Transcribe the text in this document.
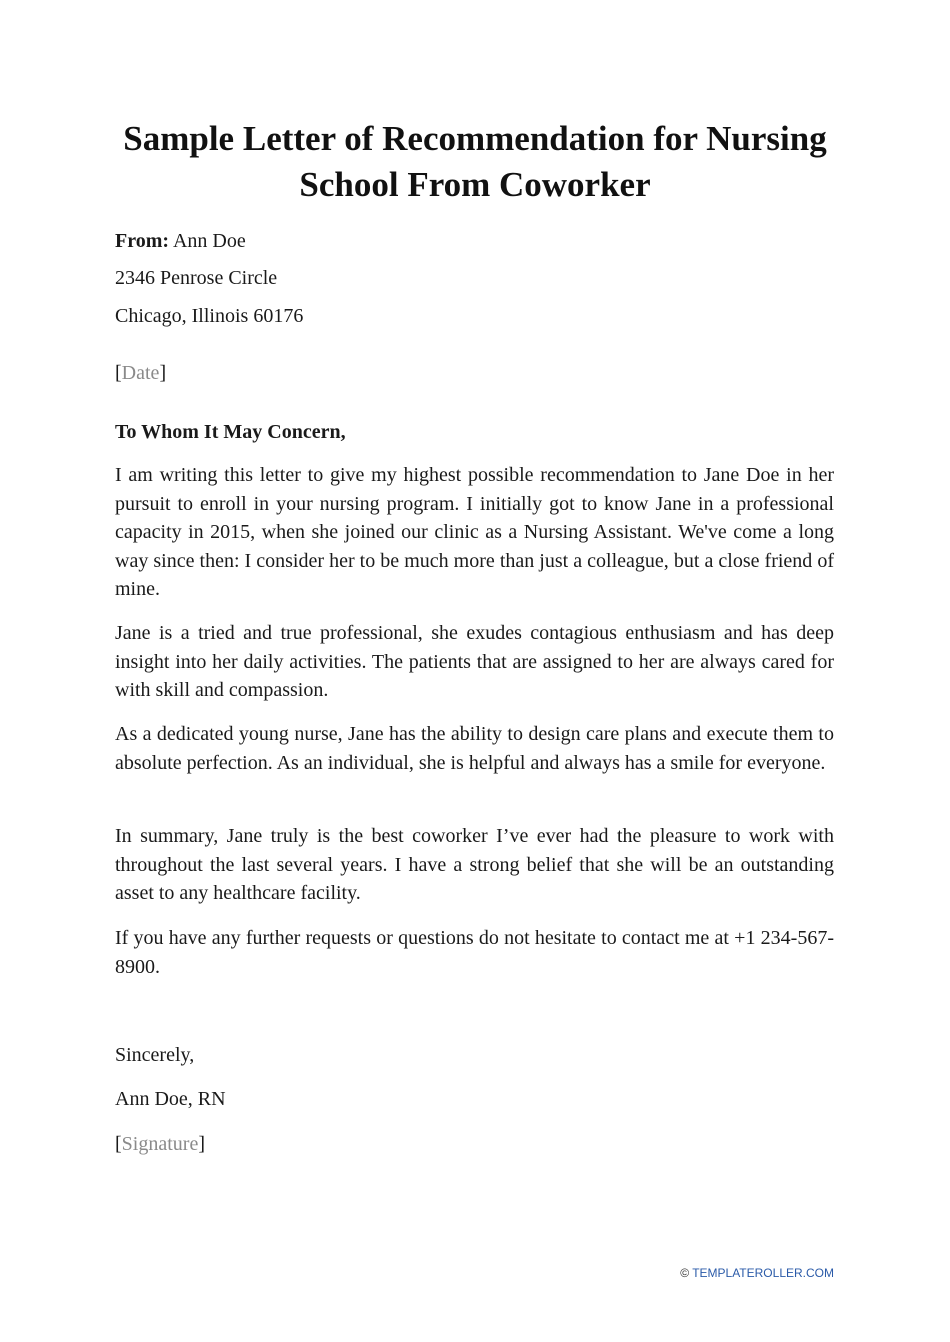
Sample Letter of Recommendation for Nursing School From Coworker
From: Ann Doe
2346 Penrose Circle
Chicago, Illinois 60176
[Date]
To Whom It May Concern,

I am writing this letter to give my highest possible recommendation to Jane Doe in her pursuit to enroll in your nursing program. I initially got to know Jane in a professional capacity in 2015, when she joined our clinic as a Nursing Assistant. We've come a long way since then: I consider her to be much more than just a colleague, but a close friend of mine.

Jane is a tried and true professional, she exudes contagious enthusiasm and has deep insight into her daily activities. The patients that are assigned to her are always cared for with skill and compassion.

As a dedicated young nurse, Jane has the ability to design care plans and execute them to absolute perfection. As an individual, she is helpful and always has a smile for everyone.

In summary, Jane truly is the best coworker I’ve ever had the pleasure to work with throughout the last several years. I have a strong belief that she will be an outstanding asset to any healthcare facility.

If you have any further requests or questions do not hesitate to contact me at +1 234-567-8900.

Sincerely,
Ann Doe, RN
[Signature]
© TEMPLATEROLLER.COM
